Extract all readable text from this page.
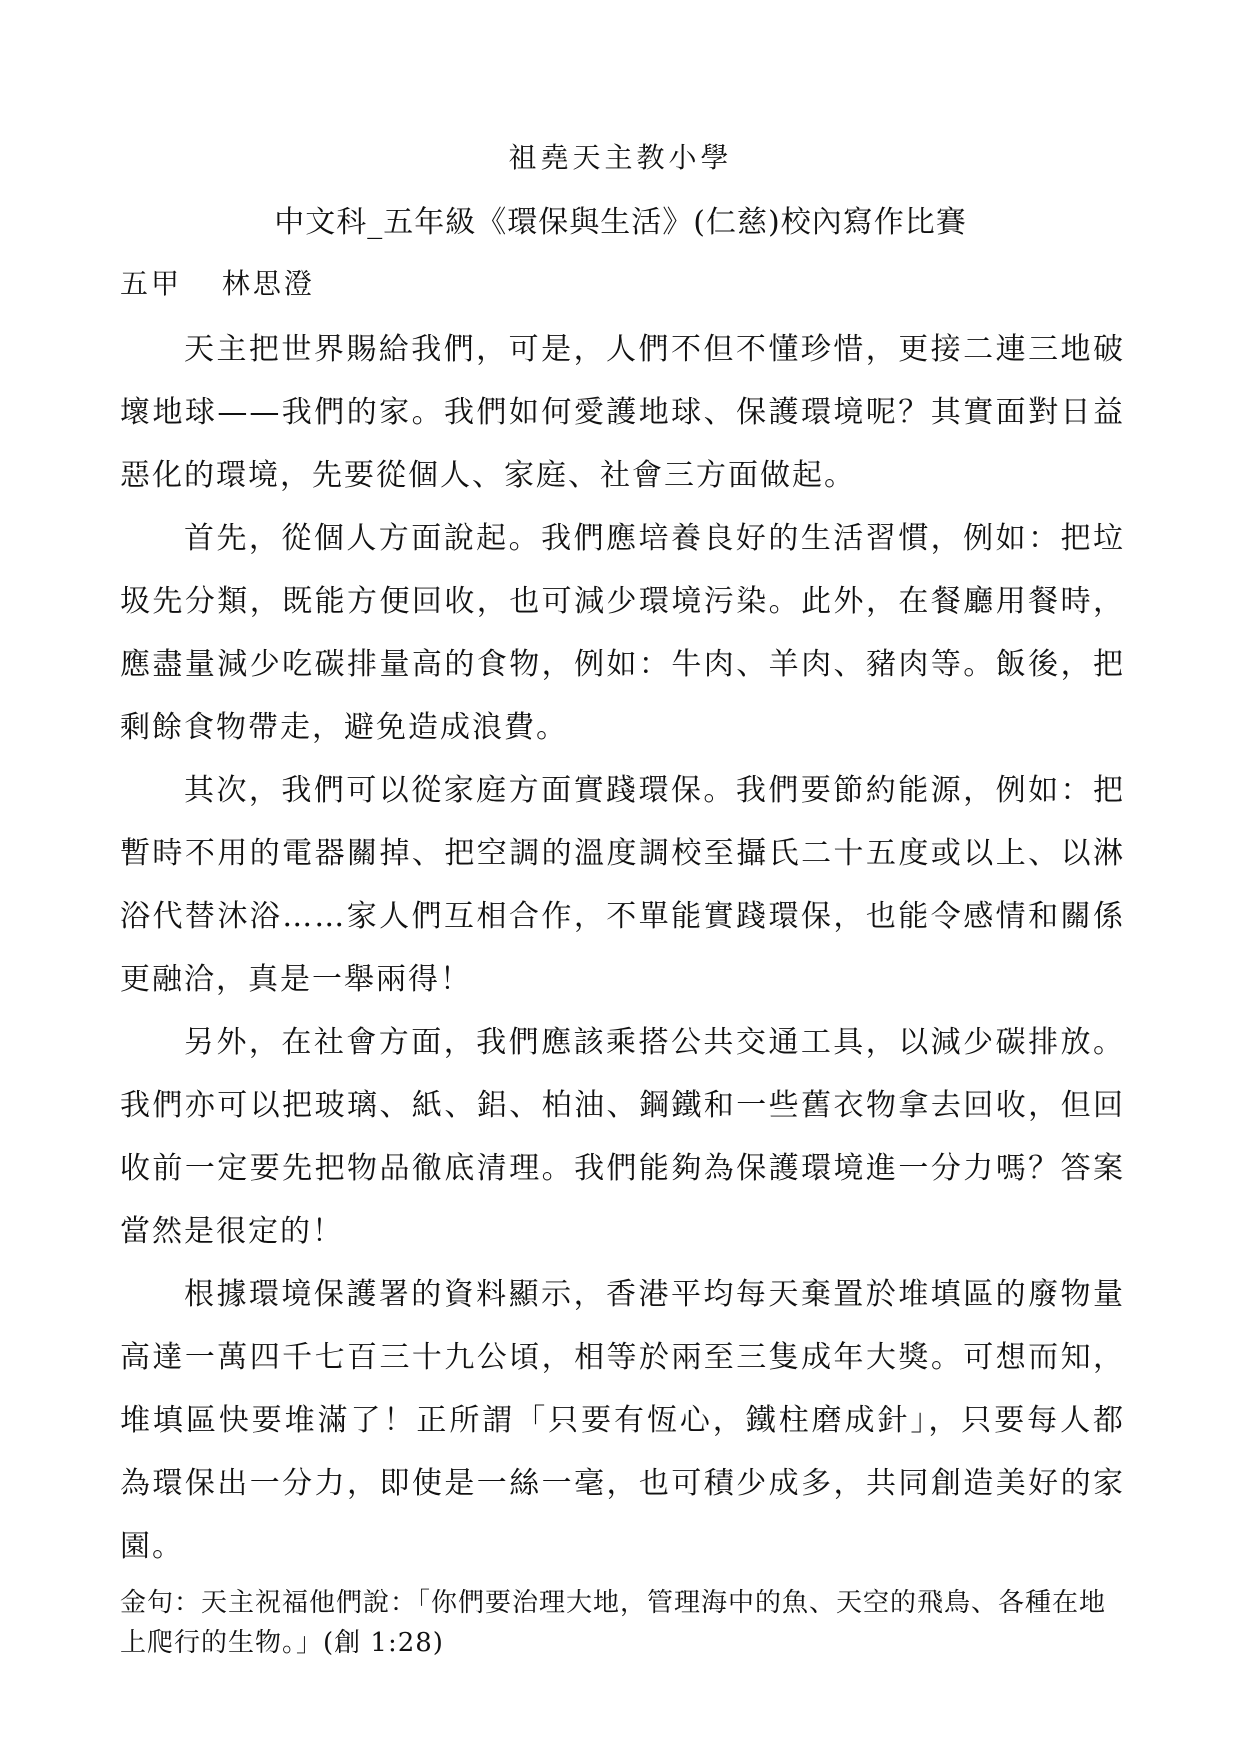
祖堯天主教小學
中文科_五年級《環保與生活》(仁慈)校內寫作比賽
五甲 林思澄

天主把世界賜給我們，可是，人們不但不懂珍惜，更接二連三地破壞地球——我們的家。我們如何愛護地球、保護環境呢？其實面對日益惡化的環境，先要從個人、家庭、社會三方面做起。

首先，從個人方面說起。我們應培養良好的生活習慣，例如：把垃圾先分類，既能方便回收，也可減少環境污染。此外，在餐廳用餐時，應盡量減少吃碳排量高的食物，例如：牛肉、羊肉、豬肉等。飯後，把剩餘食物帶走，避免造成浪費。

其次，我們可以從家庭方面實踐環保。我們要節約能源，例如：把暫時不用的電器關掉、把空調的溫度調校至攝氏二十五度或以上、以淋浴代替沐浴……家人們互相合作，不單能實踐環保，也能令感情和關係更融洽，真是一舉兩得！

另外，在社會方面，我們應該乘搭公共交通工具，以減少碳排放。我們亦可以把玻璃、紙、鋁、柏油、鋼鐵和一些舊衣物拿去回收，但回收前一定要先把物品徹底清理。我們能夠為保護環境進一分力嗎？答案當然是很定的！

根據環境保護署的資料顯示，香港平均每天棄置於堆填區的廢物量高達一萬四千七百三十九公頃，相等於兩至三隻成年大獎。可想而知，堆填區快要堆滿了！正所謂「只要有恆心，鐵柱磨成針」，只要每人都為環保出一分力，即使是一絲一毫，也可積少成多，共同創造美好的家園。

金句：天主祝福他們說：「你們要治理大地，管理海中的魚、天空的飛鳥、各種在地上爬行的生物。」(創 1:28)
